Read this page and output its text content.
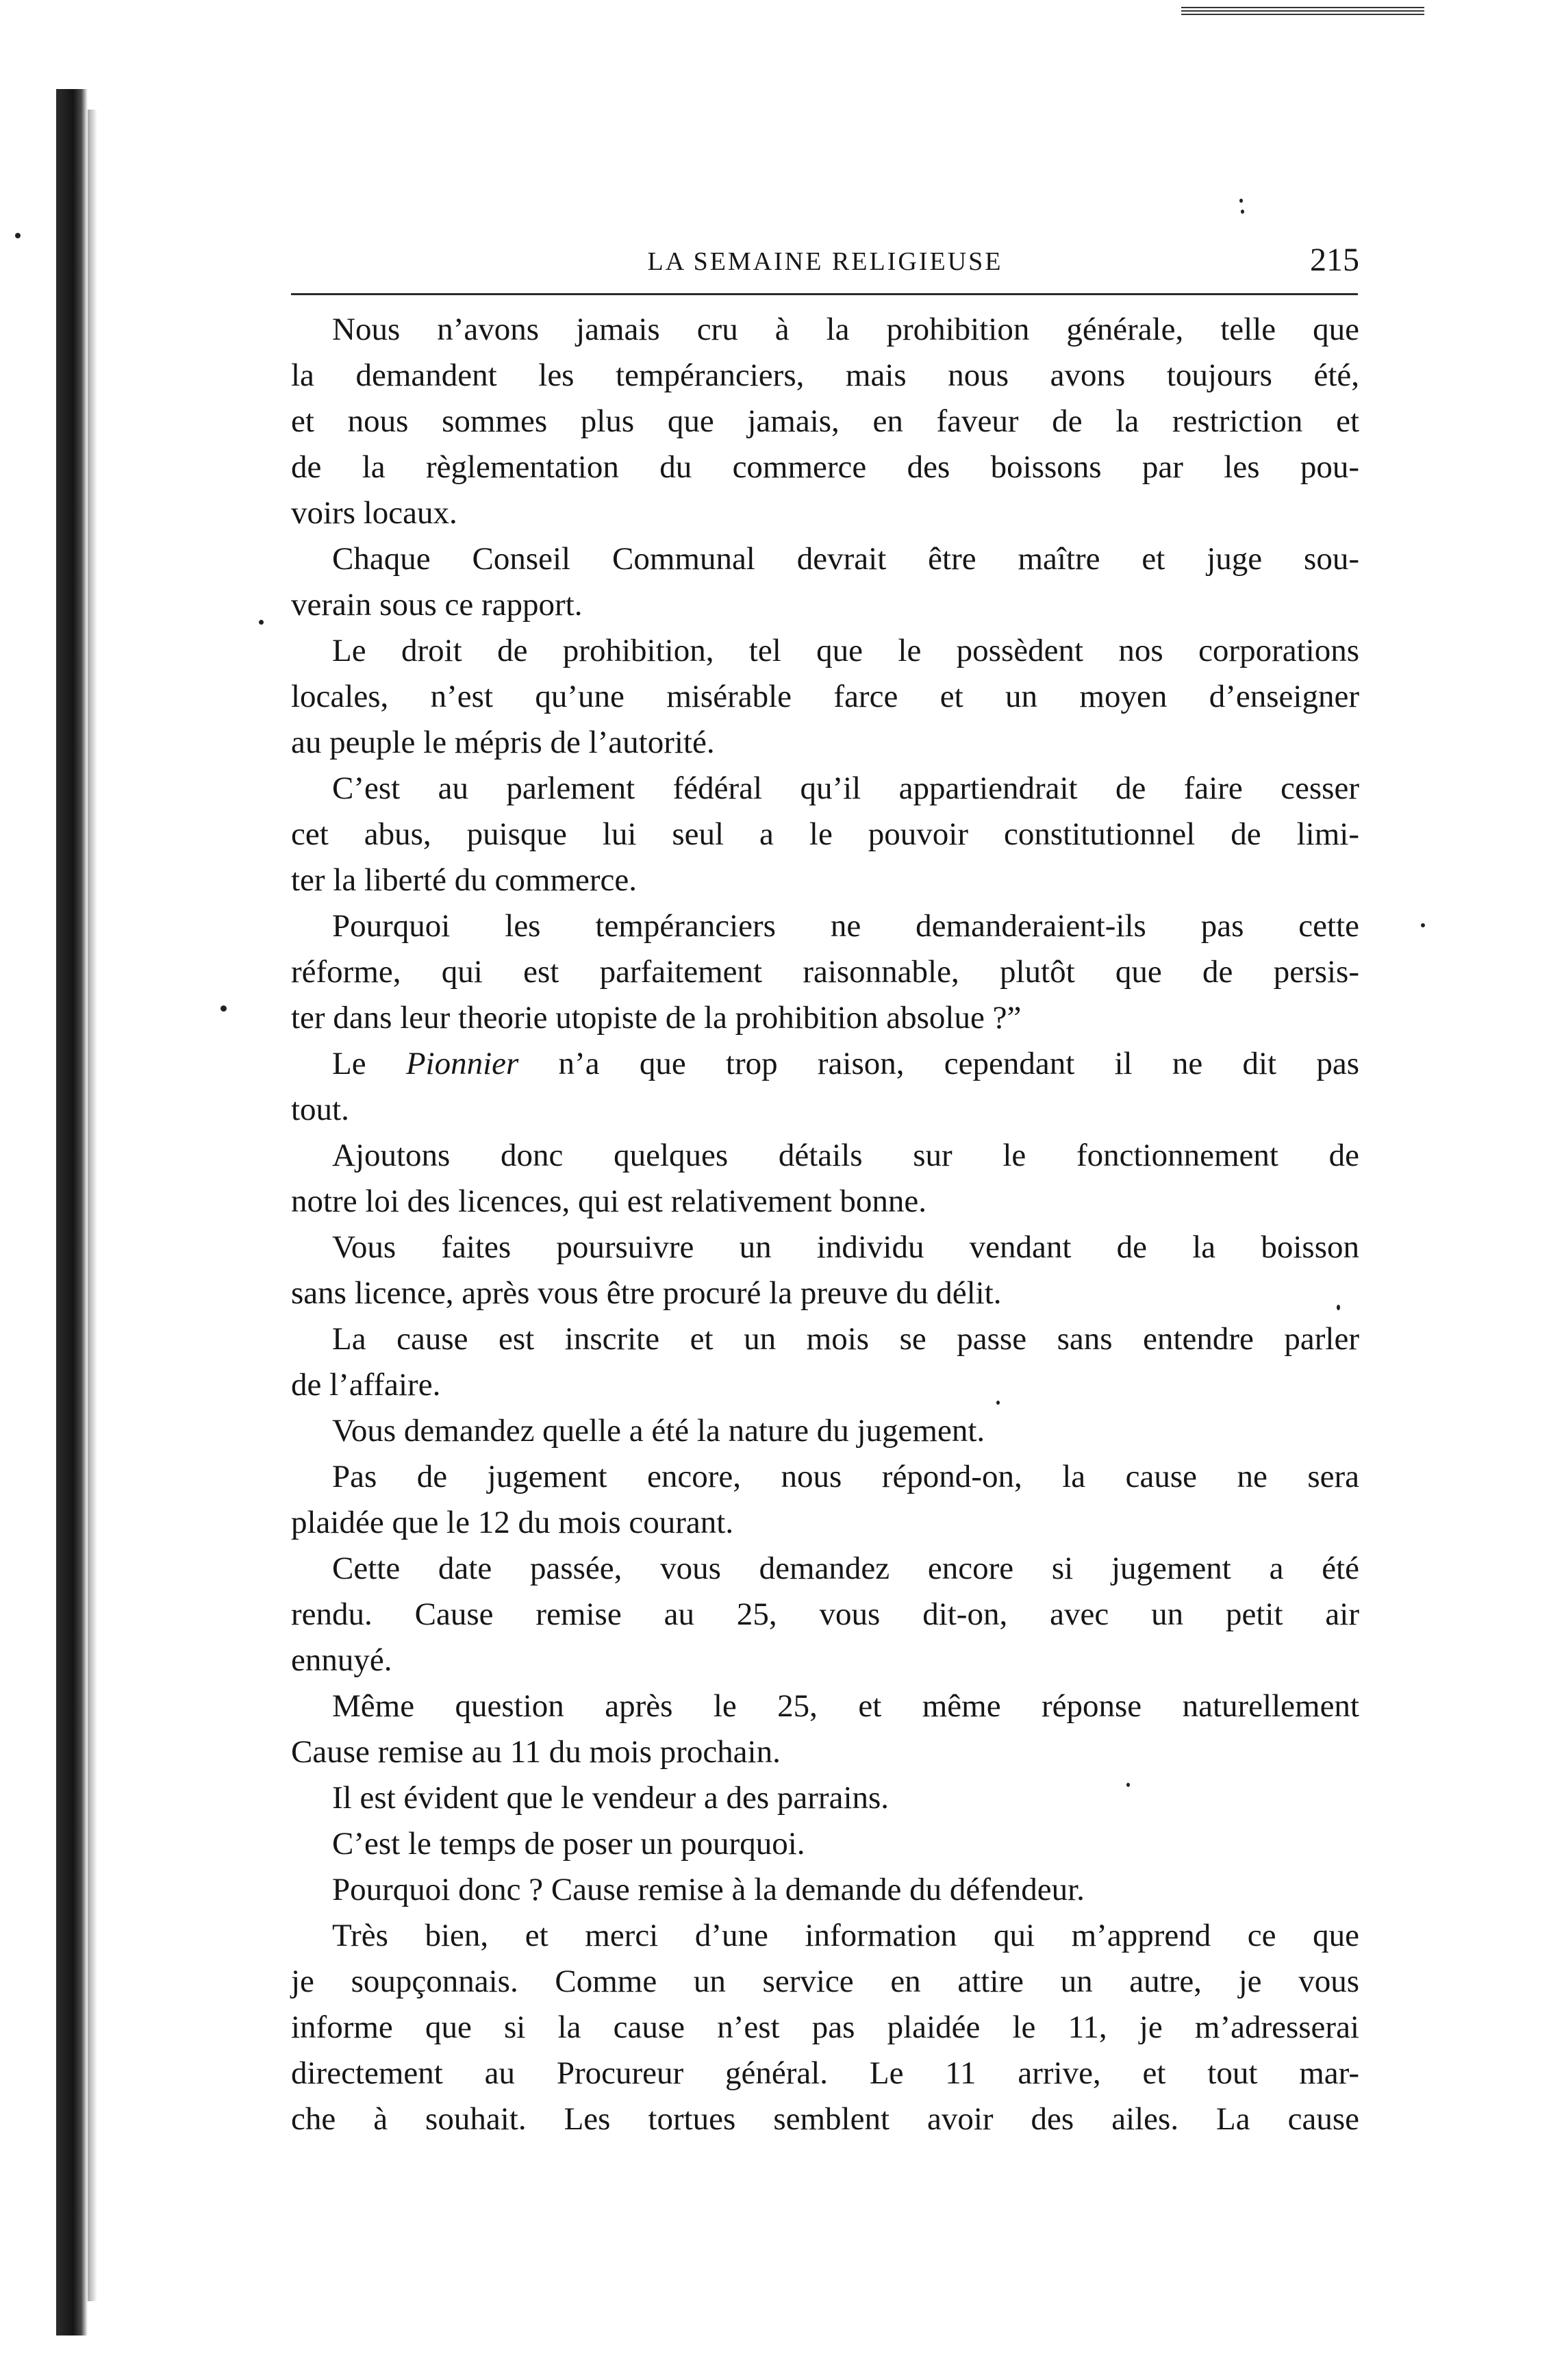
LA SEMAINE RELIGIEUSE	215
Nous n’avons jamais cru à la prohibition générale, telle que
la demandent les tempéranciers, mais nous avons toujours été,
et nous sommes plus que jamais, en faveur de la restriction et
de la règlementation du commerce des boissons par les pou-
voirs locaux.
Chaque Conseil Communal devrait être maître et juge sou-
verain sous ce rapport.
Le droit de prohibition, tel que le possèdent nos corporations
locales, n’est qu’une misérable farce et un moyen d’enseigner
au peuple le mépris de l’autorité.
C’est au parlement fédéral qu’il appartiendrait de faire cesser
cet abus, puisque lui seul a le pouvoir constitutionnel de limi-
ter la liberté du commerce.
Pourquoi les tempéranciers ne demanderaient-ils pas cette
réforme, qui est parfaitement raisonnable, plutôt que de persis-
ter dans leur theorie utopiste de la prohibition absolue ?”
Le Pionnier n’a que trop raison, cependant il ne dit pas
tout.
Ajoutons donc quelques détails sur le fonctionnement de
notre loi des licences, qui est relativement bonne.
Vous faites poursuivre un individu vendant de la boisson
sans licence, après vous être procuré la preuve du délit.
La cause est inscrite et un mois se passe sans entendre parler
de l’affaire.
Vous demandez quelle a été la nature du jugement.
Pas de jugement encore, nous répond-on, la cause ne sera
plaidée que le 12 du mois courant.
Cette date passée, vous demandez encore si jugement a été
rendu. Cause remise au 25, vous dit-on, avec un petit air
ennuyé.
Même question après le 25, et même réponse naturellement
Cause remise au 11 du mois prochain.
Il est évident que le vendeur a des parrains.
C’est le temps de poser un pourquoi.
Pourquoi donc ? Cause remise à la demande du défendeur.
Très bien, et merci d’une information qui m’apprend ce que
je soupçonnais. Comme un service en attire un autre, je vous
informe que si la cause n’est pas plaidée le 11, je m’adresserai
directement au Procureur général. Le 11 arrive, et tout mar-
che à souhait. Les tortues semblent avoir des ailes. La cause
